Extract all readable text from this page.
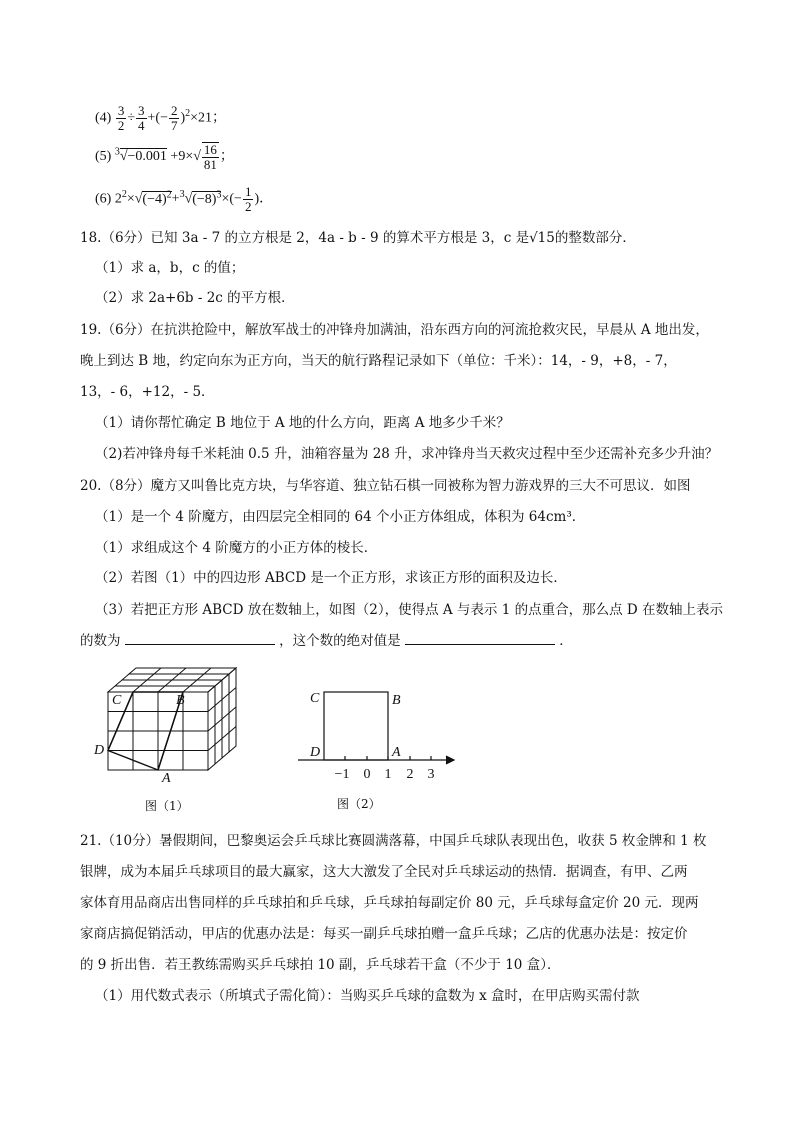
$(4) \frac{3}{2} \div \frac{3}{4}$ +(− $\frac{2}{7} )^2\times 21$；
(5) $^3√-0.001 +9\times√ \frac{16}{81}$ ；
(6) $2^2\times√(-4)^2+^3√(-8)^3\times(- \frac{1}{2}$ )．
18.（6分）已知 3a - 7 的立方根是 2，4a - b - 9 的算术平方根是 3，c 是√15的整数部分．
（1）求 a，b，c 的值；
（2）求 2a+6b - 2c 的平方根．
19.（6分）在抗洪抢险中，解放军战士的冲锋舟加满油，沿东西方向的河流抢救灾民，早晨从 A 地出发，
晚上到达 B 地，约定向东为正方向，当天的航行路程记录如下（单位：千米）：14，- 9，+8，- 7，
13，- 6，+12，- 5．
（1）请你帮忙确定 B 地位于 A 地的什么方向，距离 A 地多少千米？
（2)若冲锋舟每千米耗油 0.5 升，油箱容量为 28 升，求冲锋舟当天救灾过程中至少还需补充多少升油？
20.（8分）魔方又叫鲁比克方块，与华容道、独立钻石棋一同被称为智力游戏界的三大不可思议．如图
（1）是一个 4 阶魔方，由四层完全相同的 64 个小正方体组成，体积为 64cm³．
（1）求组成这个 4 阶魔方的小正方体的棱长．
（2）若图（1）中的四边形 ABCD 是一个正方形，求该正方形的面积及边长．
（3）若把正方形 ABCD 放在数轴上，如图（2），使得点 A 与表示 1 的点重合，那么点 D 在数轴上表示
的数为	，这个数的绝对值是	．
C	B
D
A
图（1）
C	B
D	A
−1 0 1 2 3
图（2）
21.（10分）暑假期间，巴黎奥运会乒乓球比赛圆满落幕，中国乒乓球队表现出色，收获 5 枚金牌和 1 枚
银牌，成为本届乒乓球项目的最大赢家，这大大激发了全民对乒乓球运动的热情．据调查，有甲、乙两
家体育用品商店出售同样的乒乓球拍和乒乓球，乒乓球拍每副定价 80 元，乒乓球每盒定价 20 元．现两
家商店搞促销活动，甲店的优惠办法是：每买一副乒乓球拍赠一盒乒乓球；乙店的优惠办法是：按定价
的 9 折出售．若王教练需购买乒乓球拍 10 副，乒乓球若干盒（不少于 10 盒）．
（1）用代数式表示（所填式子需化简）：当购买乒乓球的盒数为 x 盒时，在甲店购买需付款
